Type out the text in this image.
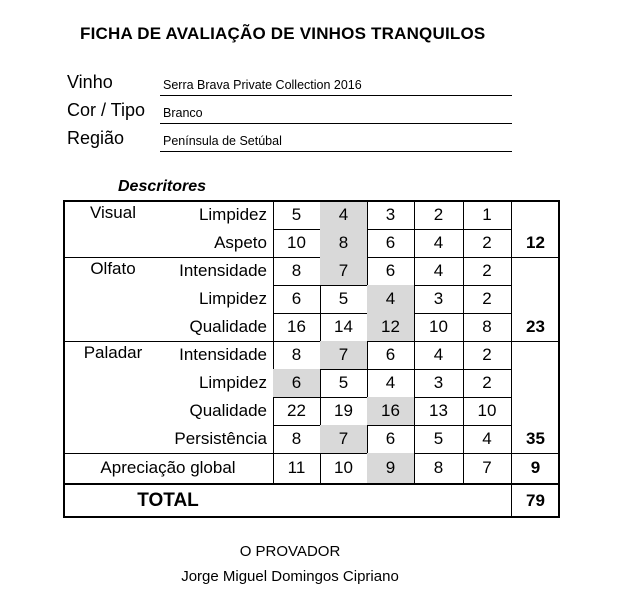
FICHA DE AVALIAÇÃO DE VINHOS TRANQUILOS
Vinho	Serra Brava Private Collection 2016
Cor / Tipo Branco
Região	Península de Setúbal
Descritores
Visual	Limpidez	5	4	3	2	1
Aspeto	10	8	6	4	2	12
Olfato	Intensidade	8	7	6	4	2
Limpidez	6	5	4	3	2
Qualidade	16	14	12	10	8	23
Paladar	Intensidade	8	7	6	4	2
Limpidez	6	5	4	3	2
Qualidade	22	19	16	13	10
Persistência	8	7	6	5	4	35
Apreciação global	11	10	9	8	7	9
TOTAL	79
O PROVADOR
Jorge Miguel Domingos Cipriano
